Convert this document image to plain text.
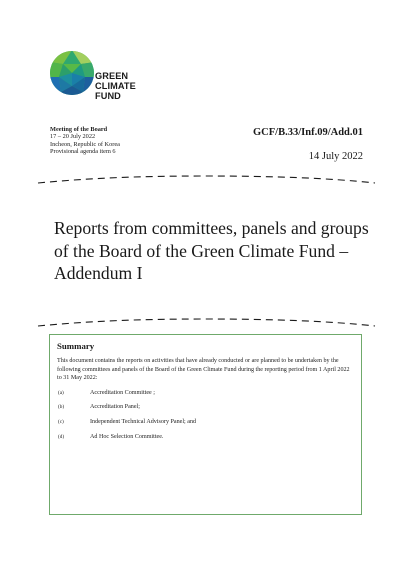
GREEN
CLIMATE
FUND
Meeting of the Board
17 – 20 July 2022
Incheon, Republic of Korea
Provisional agenda item 6
GCF/B.33/Inf.09/Add.01
14 July 2022
Reports from committees, panels and groups of the Board of the Green Climate Fund – Addendum I
Summary
This document contains the reports on activities that have already conducted or are planned to be undertaken by the following committees and panels of the Board of the Green Climate Fund during the reporting period from 1 April 2022 to 31 May 2022:
(a)	Accreditation Committee ;
(b)	Accreditation Panel;
(c)	Independent Technical Advisory Panel; and
(d)	Ad Hoc Selection Committee.
